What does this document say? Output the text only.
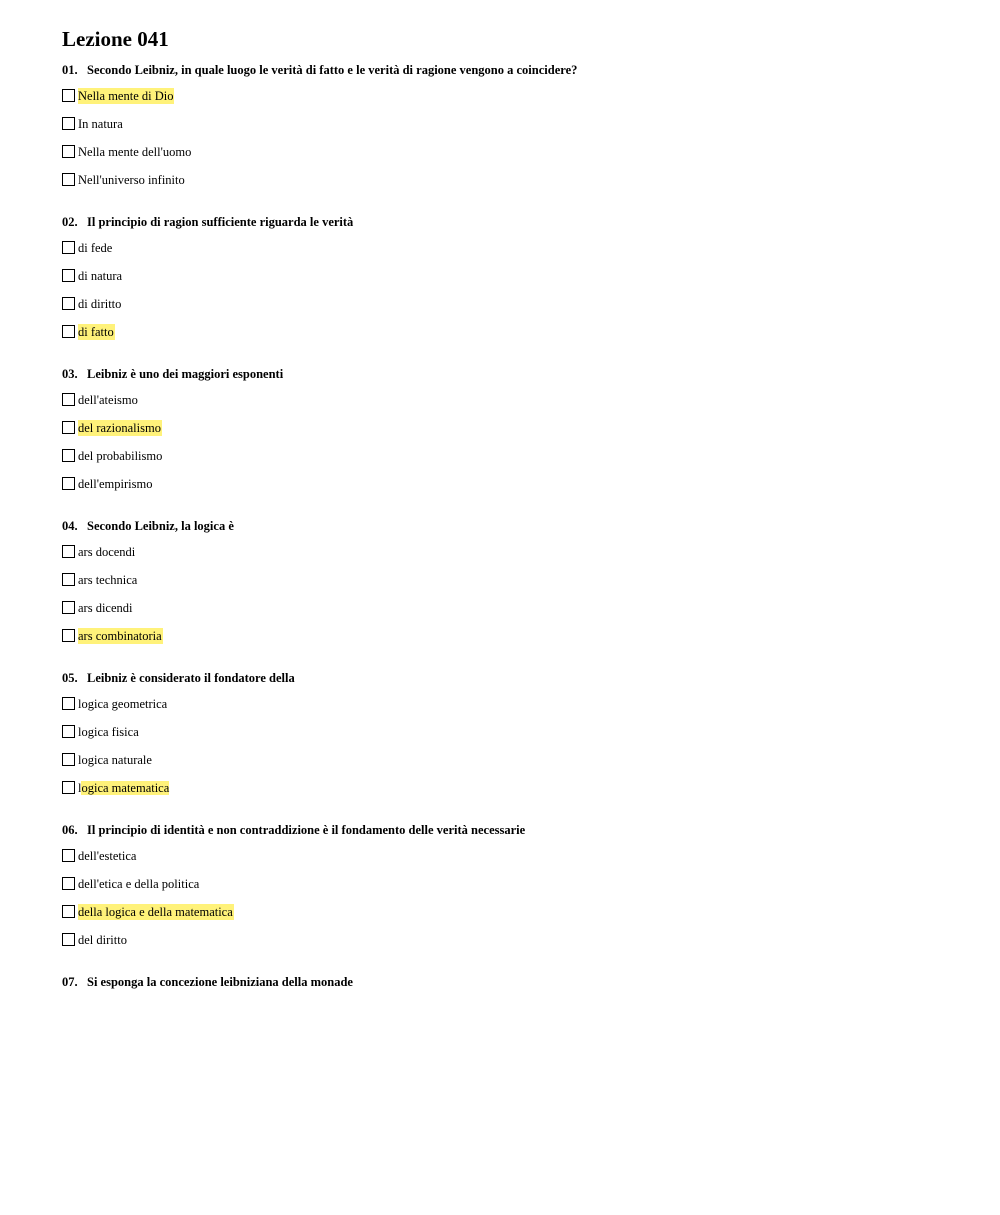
Lezione 041
01. Secondo Leibniz, in quale luogo le verità di fatto e le verità di ragione vengono a coincidere?
Nella mente di Dio
In natura
Nella mente dell'uomo
Nell'universo infinito
02. Il principio di ragion sufficiente riguarda le verità
di fede
di natura
di diritto
di fatto
03. Leibniz è uno dei maggiori esponenti
dell'ateismo
del razionalismo
del probabilismo
dell'empirismo
04. Secondo Leibniz, la logica è
ars docendi
ars technica
ars dicendi
ars combinatoria
05. Leibniz è considerato il fondatore della
logica geometrica
logica fisica
logica naturale
logica matematica
06. Il principio di identità e non contraddizione è il fondamento delle verità necessarie
dell'estetica
dell'etica e della politica
della logica e della matematica
del diritto
07. Si esponga la concezione leibniziana della monade
